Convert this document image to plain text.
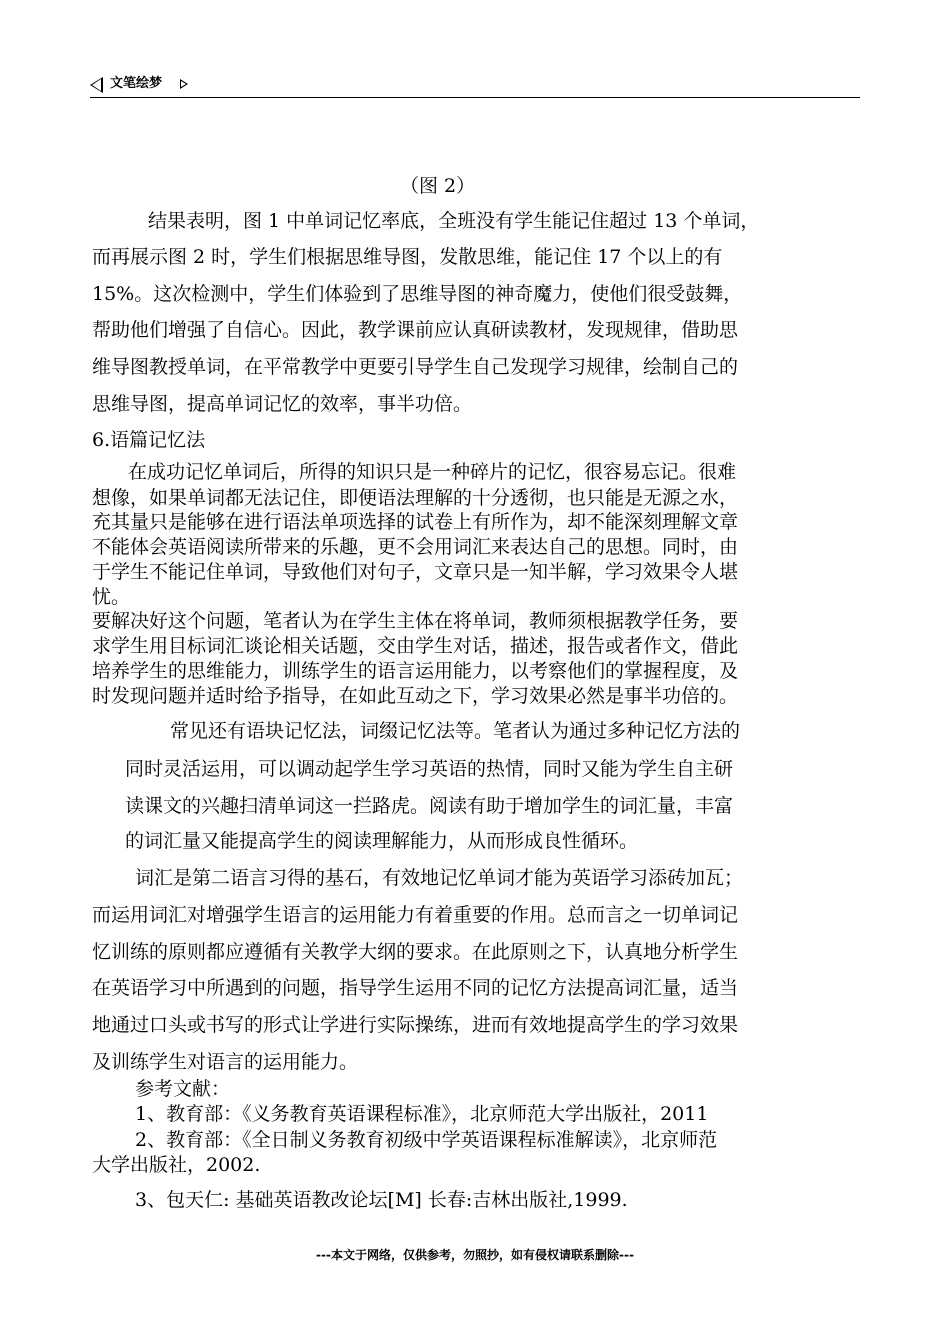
文笔绘梦
（图 2）
结果表明，图 1 中单词记忆率底，全班没有学生能记住超过 13 个单词，
而再展示图 2 时，学生们根据思维导图，发散思维，能记住 17 个以上的有
15%。这次检测中，学生们体验到了思维导图的神奇魔力，使他们很受鼓舞，
帮助他们增强了自信心。因此，教学课前应认真研读教材，发现规律，借助思
维导图教授单词，在平常教学中更要引导学生自己发现学习规律，绘制自己的
思维导图，提高单词记忆的效率，事半功倍。
6.语篇记忆法
在成功记忆单词后，所得的知识只是一种碎片的记忆，很容易忘记。很难
想像，如果单词都无法记住，即便语法理解的十分透彻，也只能是无源之水，
充其量只是能够在进行语法单项选择的试卷上有所作为，却不能深刻理解文章
不能体会英语阅读所带来的乐趣，更不会用词汇来表达自己的思想。同时，由
于学生不能记住单词，导致他们对句子，文章只是一知半解，学习效果令人堪
忧。
要解决好这个问题，笔者认为在学生主体在将单词，教师须根据教学任务，要
求学生用目标词汇谈论相关话题，交由学生对话，描述，报告或者作文，借此
培养学生的思维能力，训练学生的语言运用能力，以考察他们的掌握程度，及
时发现问题并适时给予指导，在如此互动之下，学习效果必然是事半功倍的。
常见还有语块记忆法，词缀记忆法等。笔者认为通过多种记忆方法的
同时灵活运用，可以调动起学生学习英语的热情，同时又能为学生自主研
读课文的兴趣扫清单词这一拦路虎。阅读有助于增加学生的词汇量，丰富
的词汇量又能提高学生的阅读理解能力，从而形成良性循环。
词汇是第二语言习得的基石，有效地记忆单词才能为英语学习添砖加瓦；
而运用词汇对增强学生语言的运用能力有着重要的作用。总而言之一切单词记
忆训练的原则都应遵循有关教学大纲的要求。在此原则之下，认真地分析学生
在英语学习中所遇到的问题，指导学生运用不同的记忆方法提高词汇量，适当
地通过口头或书写的形式让学进行实际操练，进而有效地提高学生的学习效果
及训练学生对语言的运用能力。
参考文献：
1、教育部：《义务教育英语课程标准》，北京师范大学出版社，2011
2、教育部：《全日制义务教育初级中学英语课程标准解读》，北京师范
大学出版社，2002.
3、包天仁: 基础英语教改论坛[M] 长春:吉林出版社,1999.
---本文于网络，仅供参考，勿照抄，如有侵权请联系删除---
